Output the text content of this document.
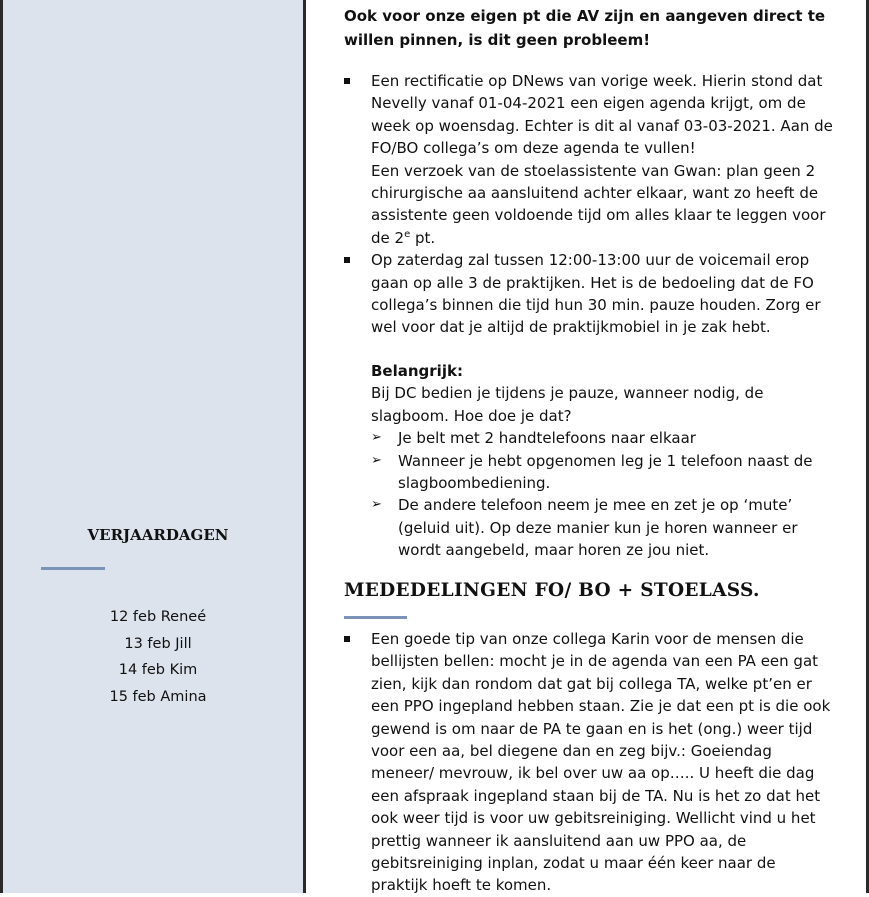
VERJAARDAGEN
12 feb Reneé
13 feb Jill
14 feb Kim
15 feb Amina
Ook voor onze eigen pt die AV zijn en aangeven direct te willen pinnen, is dit geen probleem!
Een rectificatie op DNews van vorige week. Hierin stond dat Nevelly vanaf 01-04-2021 een eigen agenda krijgt, om de week op woensdag. Echter is dit al vanaf 03-03-2021. Aan de FO/BO collega’s om deze agenda te vullen!
Een verzoek van de stoelassistente van Gwan: plan geen 2 chirurgische aa aansluitend achter elkaar, want zo heeft de assistente geen voldoende tijd om alles klaar te leggen voor de 2e pt.
Op zaterdag zal tussen 12:00-13:00 uur de voicemail erop gaan op alle 3 de praktijken. Het is de bedoeling dat de FO collega’s binnen die tijd hun 30 min. pauze houden. Zorg er wel voor dat je altijd de praktijkmobiel in je zak hebt.
Belangrijk:
Bij DC bedien je tijdens je pauze, wanneer nodig, de slagboom. Hoe doe je dat?
➢ Je belt met 2 handtelefoons naar elkaar
➢ Wanneer je hebt opgenomen leg je 1 telefoon naast de slagboombediening.
➢ De andere telefoon neem je mee en zet je op ‘mute’ (geluid uit). Op deze manier kun je horen wanneer er wordt aangebeld, maar horen ze jou niet.
MEDEDELINGEN FO/ BO + STOELASS.
Een goede tip van onze collega Karin voor de mensen die bellijsten bellen: mocht je in de agenda van een PA een gat zien, kijk dan rondom dat gat bij collega TA, welke pt’en er een PPO ingepland hebben staan. Zie je dat een pt is die ook gewend is om naar de PA te gaan en is het (ong.) weer tijd voor een aa, bel diegene dan en zeg bijv.: Goeiendag meneer/ mevrouw, ik bel over uw aa op….. U heeft die dag een afspraak ingepland staan bij de TA. Nu is het zo dat het ook weer tijd is voor uw gebitsreiniging. Wellicht vind u het prettig wanneer ik aansluitend aan uw PPO aa, de gebitsreiniging inplan, zodat u maar één keer naar de praktijk hoeft te komen.
